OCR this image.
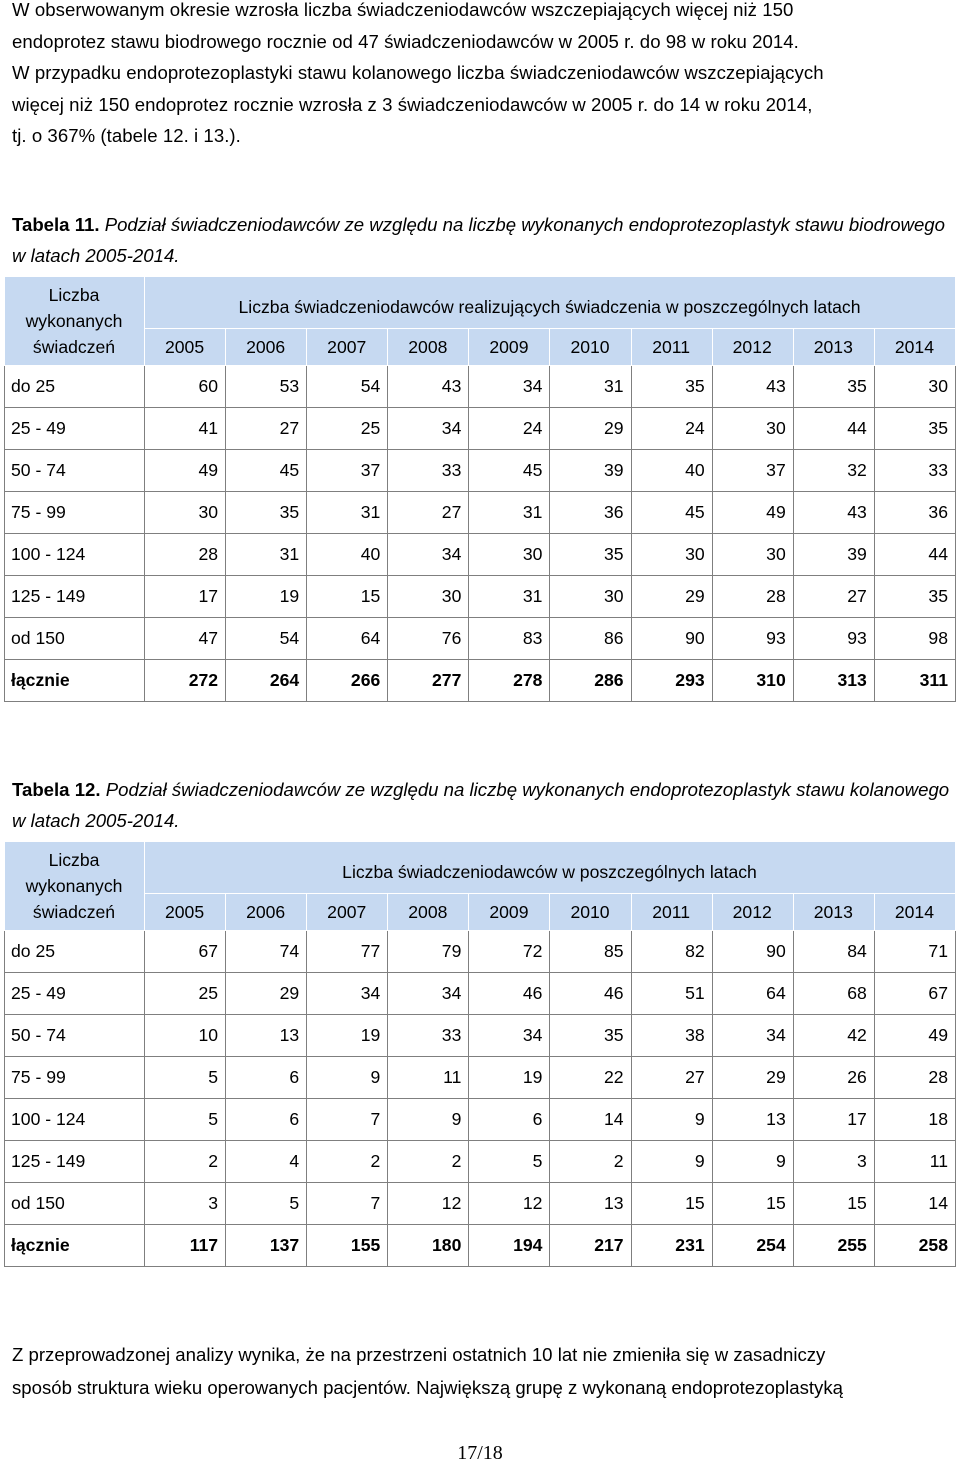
W obserwowanym okresie wzrosła liczba świadczeniodawców wszczepiających więcej niż 150

endoprotez stawu biodrowego rocznie od 47 świadczeniodawców w 2005 r. do 98 w roku 2014.

W przypadku endoprotezoplastyki stawu kolanowego liczba świadczeniodawców wszczepiających

więcej niż 150 endoprotez rocznie wzrosła z 3 świadczeniodawców w 2005 r. do 14 w roku 2014,

tj. o 367% (tabele 12. i 13.).

Tabela 11. Podział świadczeniodawców ze względu na liczbę wykonanych endoprotezoplastyk stawu biodrowego w latach 2005-2014.
Liczba
wykonanych
świadczeń	Liczba świadczeniodawców realizujących świadczenia w poszczególnych latach									
	2005	2006	2007	2008	2009	2010	2011	2012	2013	2014
do 25	60	53	54	43	34	31	35	43	35	30
25 - 49	41	27	25	34	24	29	24	30	44	35
50 - 74	49	45	37	33	45	39	40	37	32	33
75 - 99	30	35	31	27	31	36	45	49	43	36
100 - 124	28	31	40	34	30	35	30	30	39	44
125 - 149	17	19	15	30	31	30	29	28	27	35
od 150	47	54	64	76	83	86	90	93	93	98
łącznie	272	264	266	277	278	286	293	310	313	311
Tabela 12. Podział świadczeniodawców ze względu na liczbę wykonanych endoprotezoplastyk stawu kolanowego w latach 2005-2014.
Liczba
wykonanych
świadczeń	Liczba świadczeniodawców w poszczególnych latach									
	2005	2006	2007	2008	2009	2010	2011	2012	2013	2014
do 25	67	74	77	79	72	85	82	90	84	71
25 - 49	25	29	34	34	46	46	51	64	68	67
50 - 74	10	13	19	33	34	35	38	34	42	49
75 - 99	5	6	9	11	19	22	27	29	26	28
100 - 124	5	6	7	9	6	14	9	13	17	18
125 - 149	2	4	2	2	5	2	9	9	3	11
od 150	3	5	7	12	12	13	15	15	15	14
łącznie	117	137	155	180	194	217	231	254	255	258

Z przeprowadzonej analizy wynika, że na przestrzeni ostatnich 10 lat nie zmieniła się w zasadniczy

sposób struktura wieku operowanych pacjentów. Największą grupę z wykonaną endoprotezoplastyką

17/18
